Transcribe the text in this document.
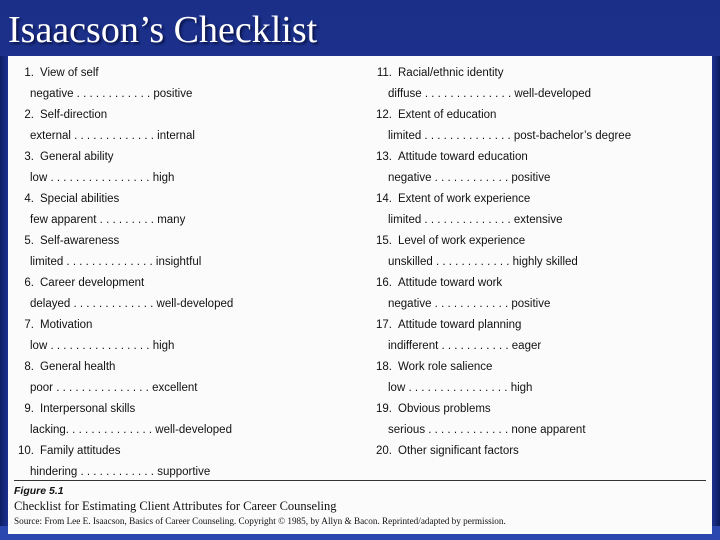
Isaacson’s Checklist
1. View of self
negative . . . . . . . . . . . . positive
2. Self-direction
external . . . . . . . . . . . . . internal
3. General ability
low . . . . . . . . . . . . . . . . high
4. Special abilities
few apparent . . . . . . . . . many
5. Self-awareness
limited . . . . . . . . . . . . . . insightful
6. Career development
delayed . . . . . . . . . . . . . well-developed
7. Motivation
low . . . . . . . . . . . . . . . . high
8. General health
poor . . . . . . . . . . . . . . . excellent
9. Interpersonal skills
lacking. . . . . . . . . . . . . . well-developed
10. Family attitudes
hindering . . . . . . . . . . . . supportive
11. Racial/ethnic identity
diffuse . . . . . . . . . . . . . . well-developed
12. Extent of education
limited . . . . . . . . . . . . . . post-bachelor’s degree
13. Attitude toward education
negative . . . . . . . . . . . . positive
14. Extent of work experience
limited . . . . . . . . . . . . . . extensive
15. Level of work experience
unskilled . . . . . . . . . . . . highly skilled
16. Attitude toward work
negative . . . . . . . . . . . . positive
17. Attitude toward planning
indifferent . . . . . . . . . . . eager
18. Work role salience
low . . . . . . . . . . . . . . . . high
19. Obvious problems
serious . . . . . . . . . . . . . none apparent
20. Other significant factors
Figure 5.1
Checklist for Estimating Client Attributes for Career Counseling
Source: From Lee E. Isaacson, Basics of Career Counseling. Copyright © 1985, by Allyn & Bacon. Reprinted/adapted by permission.
